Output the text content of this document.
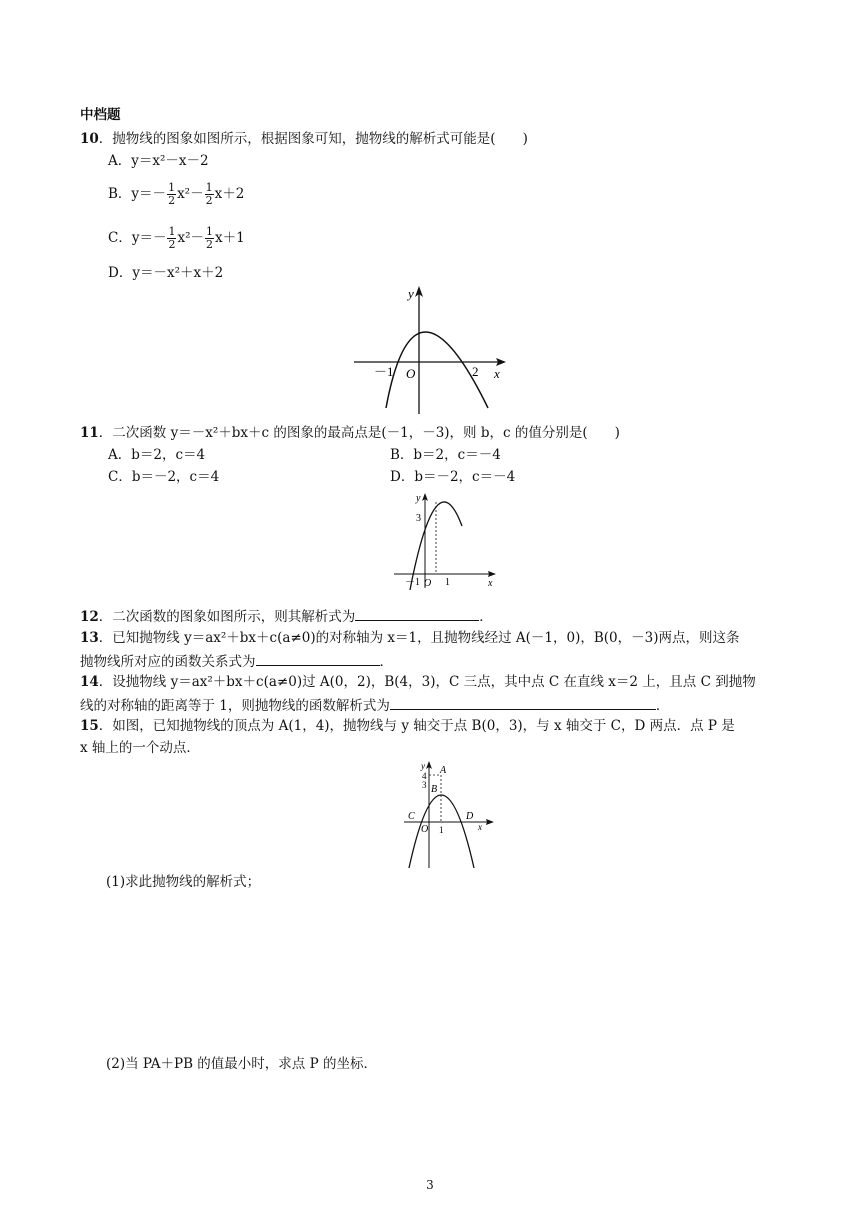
中档题
10．抛物线的图象如图所示，根据图象可知，抛物线的解析式可能是(　　)
A．y＝x²－x－2
B．$y=- \frac{1}{2} x^2- \frac{1}{2} x+2$
C．$y=- \frac{1}{2} x^2- \frac{1}{2} x+1$
D．y＝－x²＋x＋2
y
x
O
－1	2
11．二次函数 y＝－x²＋bx＋c 的图象的最高点是(－1，－3)，则 b，c 的值分别是(　　)
A．b＝2，c＝4	B．b＝2，c＝－4
C．b＝－2，c＝4	D．b＝－2，c＝－4
y
x
O
3
－1	1
12．二次函数的图象如图所示，则其解析式为	．
13．已知抛物线 y＝ax²＋bx＋c(a≠0)的对称轴为 x＝1，且抛物线经过 A(－1，0)，B(0，－3)两点，则这条
抛物线所对应的函数关系式为	．
14．设抛物线 y＝ax²＋bx＋c(a≠0)过 A(0，2)，B(4，3)，C 三点，其中点 C 在直线 x＝2 上，且点 C 到抛物
线的对称轴的距离等于 1，则抛物线的函数解析式为	．
15．如图，已知抛物线的顶点为 A(1，4)，抛物线与 y 轴交于点 B(0，3)，与 x 轴交于 C，D 两点．点 P 是
x 轴上的一个动点．
y
x
O
A
B
C	D
4
3
1
(1)求此抛物线的解析式；
(2)当 PA＋PB 的值最小时，求点 P 的坐标．
3
